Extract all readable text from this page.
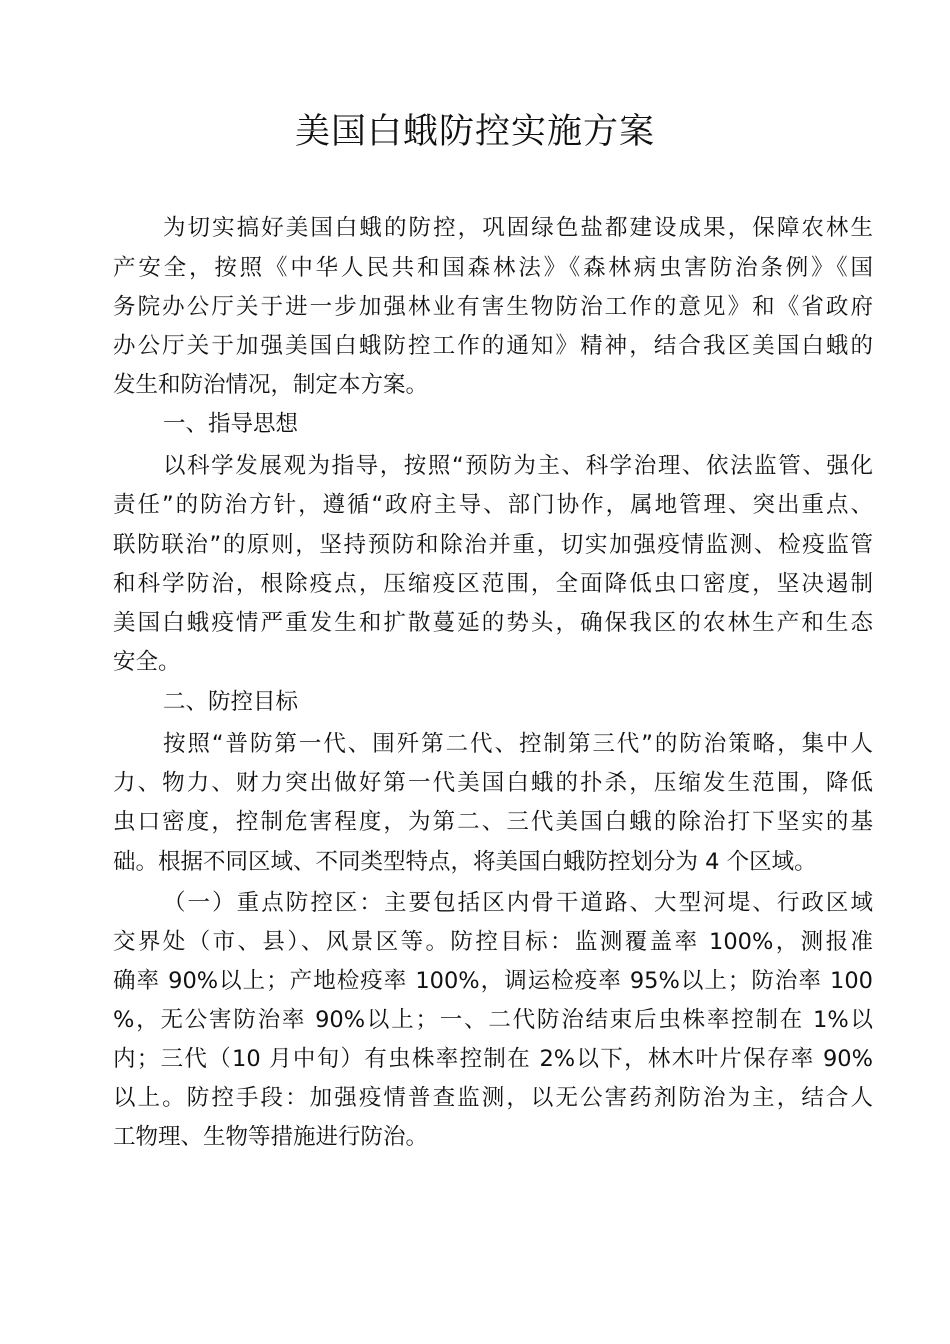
美国白蛾防控实施方案
为切实搞好美国白蛾的防控，巩固绿色盐都建设成果，保障农林生
产安全，按照《中华人民共和国森林法》《森林病虫害防治条例》《国
务院办公厅关于进一步加强林业有害生物防治工作的意见》和《省政府
办公厅关于加强美国白蛾防控工作的通知》精神，结合我区美国白蛾的
发生和防治情况，制定本方案。
一、指导思想
以科学发展观为指导，按照“预防为主、科学治理、依法监管、强化
责任”的防治方针，遵循“政府主导、部门协作，属地管理、突出重点、
联防联治”的原则，坚持预防和除治并重，切实加强疫情监测、检疫监管
和科学防治，根除疫点，压缩疫区范围，全面降低虫口密度，坚决遏制
美国白蛾疫情严重发生和扩散蔓延的势头，确保我区的农林生产和生态
安全。
二、防控目标
按照“普防第一代、围歼第二代、控制第三代”的防治策略，集中人
力、物力、财力突出做好第一代美国白蛾的扑杀，压缩发生范围，降低
虫口密度，控制危害程度，为第二、三代美国白蛾的除治打下坚实的基
础。根据不同区域、不同类型特点，将美国白蛾防控划分为 4 个区域。
（一）重点防控区：主要包括区内骨干道路、大型河堤、行政区域
交界处（市、县）、风景区等。防控目标：监测覆盖率 100%，测报准
确率 90%以上；产地检疫率 100%，调运检疫率 95%以上；防治率 100
%，无公害防治率 90%以上；一、二代防治结束后虫株率控制在 1%以
内；三代（10 月中旬）有虫株率控制在 2%以下，林木叶片保存率 90%
以上。防控手段：加强疫情普查监测，以无公害药剂防治为主，结合人
工物理、生物等措施进行防治。
